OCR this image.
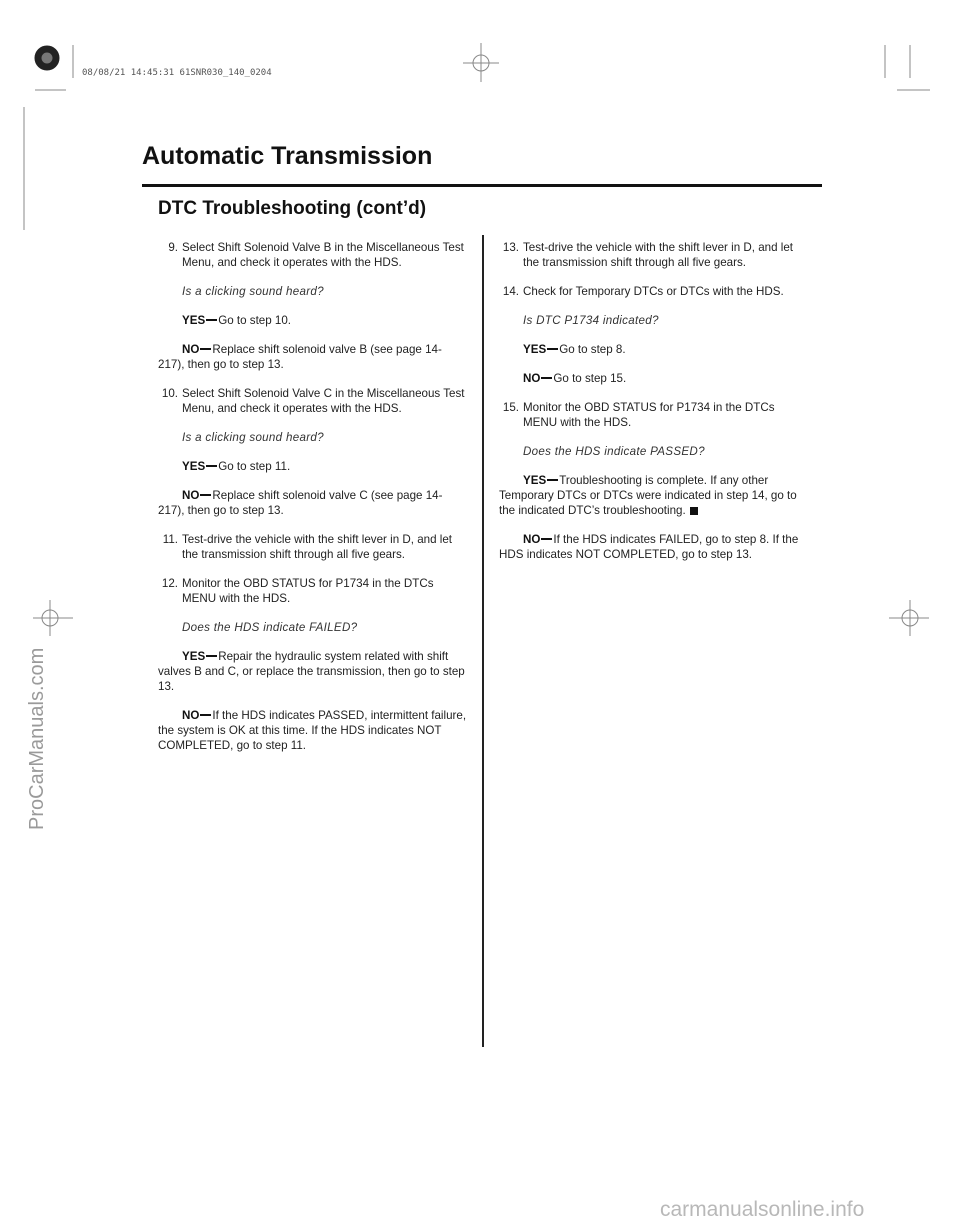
08/08/21 14:45:31 61SNR030_140_0204
Automatic Transmission
DTC Troubleshooting (cont’d)
9. Select Shift Solenoid Valve B in the Miscellaneous Test Menu, and check it operates with the HDS.
Is a clicking sound heard?
YES Go to step 10.
NO Replace shift solenoid valve B (see page 14-217), then go to step 13.
10. Select Shift Solenoid Valve C in the Miscellaneous Test Menu, and check it operates with the HDS.
Is a clicking sound heard?
YES Go to step 11.
NO Replace shift solenoid valve C (see page 14-217), then go to step 13.
11. Test-drive the vehicle with the shift lever in D, and let the transmission shift through all five gears.
12. Monitor the OBD STATUS for P1734 in the DTCs MENU with the HDS.
Does the HDS indicate FAILED?
YES Repair the hydraulic system related with shift valves B and C, or replace the transmission, then go to step 13.
NO If the HDS indicates PASSED, intermittent failure, the system is OK at this time. If the HDS indicates NOT COMPLETED, go to step 11.
13. Test-drive the vehicle with the shift lever in D, and let the transmission shift through all five gears.
14. Check for Temporary DTCs or DTCs with the HDS.
Is DTC P1734 indicated?
YES Go to step 8.
NO Go to step 15.
15. Monitor the OBD STATUS for P1734 in the DTCs MENU with the HDS.
Does the HDS indicate PASSED?
YES Troubleshooting is complete. If any other Temporary DTCs or DTCs were indicated in step 14, go to the indicated DTC’s troubleshooting.
NO If the HDS indicates FAILED, go to step 8. If the HDS indicates NOT COMPLETED, go to step 13.
ProCarManuals.com
carmanualsonline.info
